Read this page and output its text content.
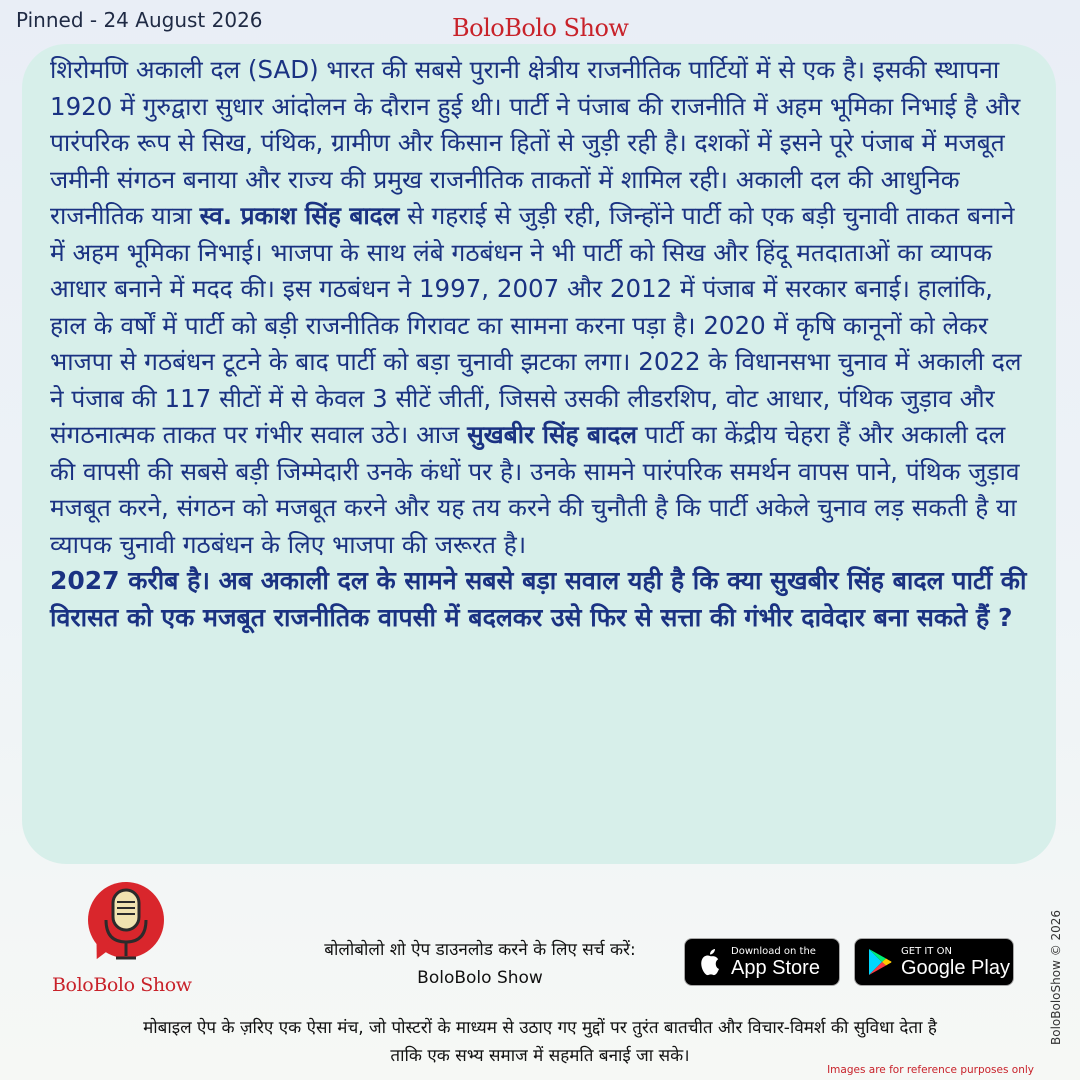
Pinned - 24 August 2026	BoloBolo Show
शिरोमणि अकाली दल (SAD) भारत की सबसे पुरानी क्षेत्रीय राजनीतिक पार्टियों में से एक है। इसकी स्थापना 1920 में गुरुद्वारा सुधार आंदोलन के दौरान हुई थी। पार्टी ने पंजाब की राजनीति में अहम भूमिका निभाई है और पारंपरिक रूप से सिख, पंथिक, ग्रामीण और किसान हितों से जुड़ी रही है। दशकों में इसने पूरे पंजाब में मजबूत जमीनी संगठन बनाया और राज्य की प्रमुख राजनीतिक ताकतों में शामिल रही। अकाली दल की आधुनिक राजनीतिक यात्रा स्व. प्रकाश सिंह बादल से गहराई से जुड़ी रही, जिन्होंने पार्टी को एक बड़ी चुनावी ताकत बनाने में अहम भूमिका निभाई। भाजपा के साथ लंबे गठबंधन ने भी पार्टी को सिख और हिंदू मतदाताओं का व्यापक आधार बनाने में मदद की। इस गठबंधन ने 1997, 2007 और 2012 में पंजाब में सरकार बनाई। हालांकि, हाल के वर्षों में पार्टी को बड़ी राजनीतिक गिरावट का सामना करना पड़ा है। 2020 में कृषि कानूनों को लेकर भाजपा से गठबंधन टूटने के बाद पार्टी को बड़ा चुनावी झटका लगा। 2022 के विधानसभा चुनाव में अकाली दल ने पंजाब की 117 सीटों में से केवल 3 सीटें जीतीं, जिससे उसकी लीडरशिप, वोट आधार, पंथिक जुड़ाव और संगठनात्मक ताकत पर गंभीर सवाल उठे। आज सुखबीर सिंह बादल पार्टी का केंद्रीय चेहरा हैं और अकाली दल की वापसी की सबसे बड़ी जिम्मेदारी उनके कंधों पर है। उनके सामने पारंपरिक समर्थन वापस पाने, पंथिक जुड़ाव मजबूत करने, संगठन को मजबूत करने और यह तय करने की चुनौती है कि पार्टी अकेले चुनाव लड़ सकती है या व्यापक चुनावी गठबंधन के लिए भाजपा की जरूरत है।
2027 करीब है। अब अकाली दल के सामने सबसे बड़ा सवाल यही है कि क्या सुखबीर सिंह बादल पार्टी की विरासत को एक मजबूत राजनीतिक वापसी में बदलकर उसे फिर से सत्ता की गंभीर दावेदार बना सकते हैं ?
BoloBolo Show
बोलोबोलो शो ऐप डाउनलोड करने के लिए सर्च करें:
BoloBolo Show
Download on the
App Store
GET IT ON
Google Play
मोबाइल ऐप के ज़रिए एक ऐसा मंच, जो पोस्टरों के माध्यम से उठाए गए मुद्दों पर तुरंत बातचीत और विचार-विमर्श की सुविधा देता है
ताकि एक सभ्य समाज में सहमति बनाई जा सके।
Images are for reference purposes only
BoloBoloShow © 2026
